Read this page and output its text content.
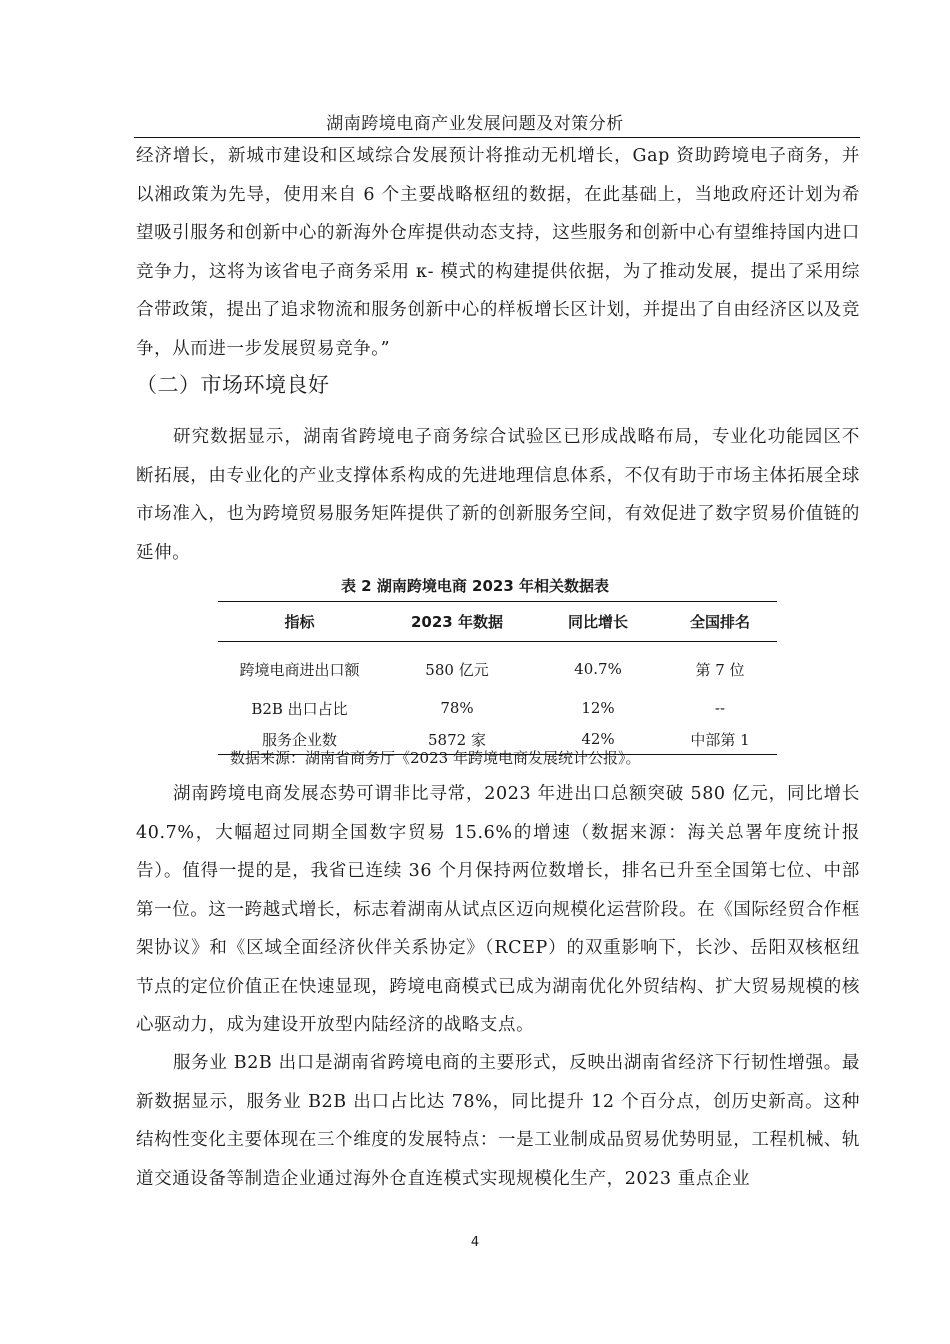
湖南跨境电商产业发展问题及对策分析

经济增长，新城市建设和区域综合发展预计将推动无机增长，Gap 资助跨境电子商务，并以湘政策为先导，使用来自 6 个主要战略枢纽的数据，在此基础上，当地政府还计划为希望吸引服务和创新中心的新海外仓库提供动态支持，这些服务和创新中心有望维持国内进口竞争力，这将为该省电子商务采用 κ- 模式的构建提供依据，为了推动发展，提出了采用综合带政策，提出了追求物流和服务创新中心的样板增长区计划，并提出了自由经济区以及竞争，从而进一步发展贸易竞争。”

（二）市场环境良好

研究数据显示，湖南省跨境电子商务综合试验区已形成战略布局，专业化功能园区不断拓展，由专业化的产业支撑体系构成的先进地理信息体系，不仅有助于市场主体拓展全球市场准入，也为跨境贸易服务矩阵提供了新的创新服务空间，有效促进了数字贸易价值链的延伸。

表 2 湖南跨境电商 2023 年相关数据表
指标	2023 年数据	同比增长	全国排名
跨境电商进出口额	580 亿元	40.7%	第 7 位
B2B 出口占比	78%	12%	--
服务企业数	5872 家	42%	中部第 1
数据来源：湖南省商务厅《2023 年跨境电商发展统计公报》。

湖南跨境电商发展态势可谓非比寻常，2023 年进出口总额突破 580 亿元，同比增长 40.7%，大幅超过同期全国数字贸易 15.6%的增速（数据来源：海关总署年度统计报告）。值得一提的是，我省已连续 36 个月保持两位数增长，排名已升至全国第七位、中部第一位。这一跨越式增长，标志着湖南从试点区迈向规模化运营阶段。在《国际经贸合作框架协议》和《区域全面经济伙伴关系协定》（RCEP）的双重影响下，长沙、岳阳双核枢纽节点的定位价值正在快速显现，跨境电商模式已成为湖南优化外贸结构、扩大贸易规模的核心驱动力，成为建设开放型内陆经济的战略支点。

服务业 B2B 出口是湖南省跨境电商的主要形式，反映出湖南省经济下行韧性增强。最新数据显示，服务业 B2B 出口占比达 78%，同比提升 12 个百分点，创历史新高。这种结构性变化主要体现在三个维度的发展特点：一是工业制成品贸易优势明显，工程机械、轨道交通设备等制造企业通过海外仓直连模式实现规模化生产，2023 重点企业

4
